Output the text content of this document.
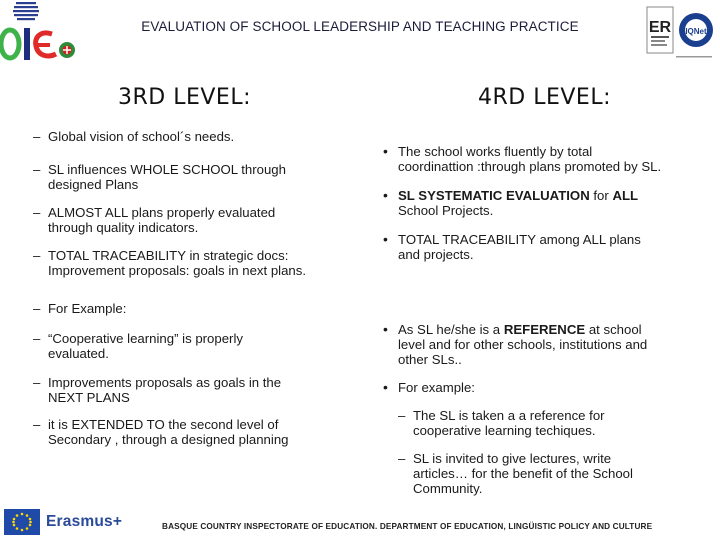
EVALUATION OF SCHOOL LEADERSHIP AND TEACHING PRACTICE	ER IQNet
3RD LEVEL:	4RD LEVEL:
– Global vision of school´s needs.
– SL influences WHOLE SCHOOL through
designed Plans
– ALMOST ALL plans properly evaluated
through quality indicators.
– TOTAL TRACEABILITY in strategic docs:
Improvement proposals: goals in next plans.
– For Example:
– “Cooperative learning” is properly
evaluated.
– Improvements proposals as goals in the
NEXT PLANS
– it is EXTENDED TO the second level of
Secondary , through a designed planning
• The school works fluently by total
coordinattion :through plans promoted by SL.
• SL SYSTEMATIC EVALUATION for ALL
School Projects.
• TOTAL TRACEABILITY among ALL plans
and projects.
• As SL he/she is a REFERENCE at school
level and for other schools, institutions and
other SLs..
• For example:
– The SL is taken a a reference for
cooperative learning techiques.
– SL is invited to give lectures, write
articles… for the benefit of the School
Community.
Erasmus+	BASQUE COUNTRY INSPECTORATE OF EDUCATION. DEPARTMENT OF EDUCATION, LINGÜISTIC POLICY AND CULTURE
